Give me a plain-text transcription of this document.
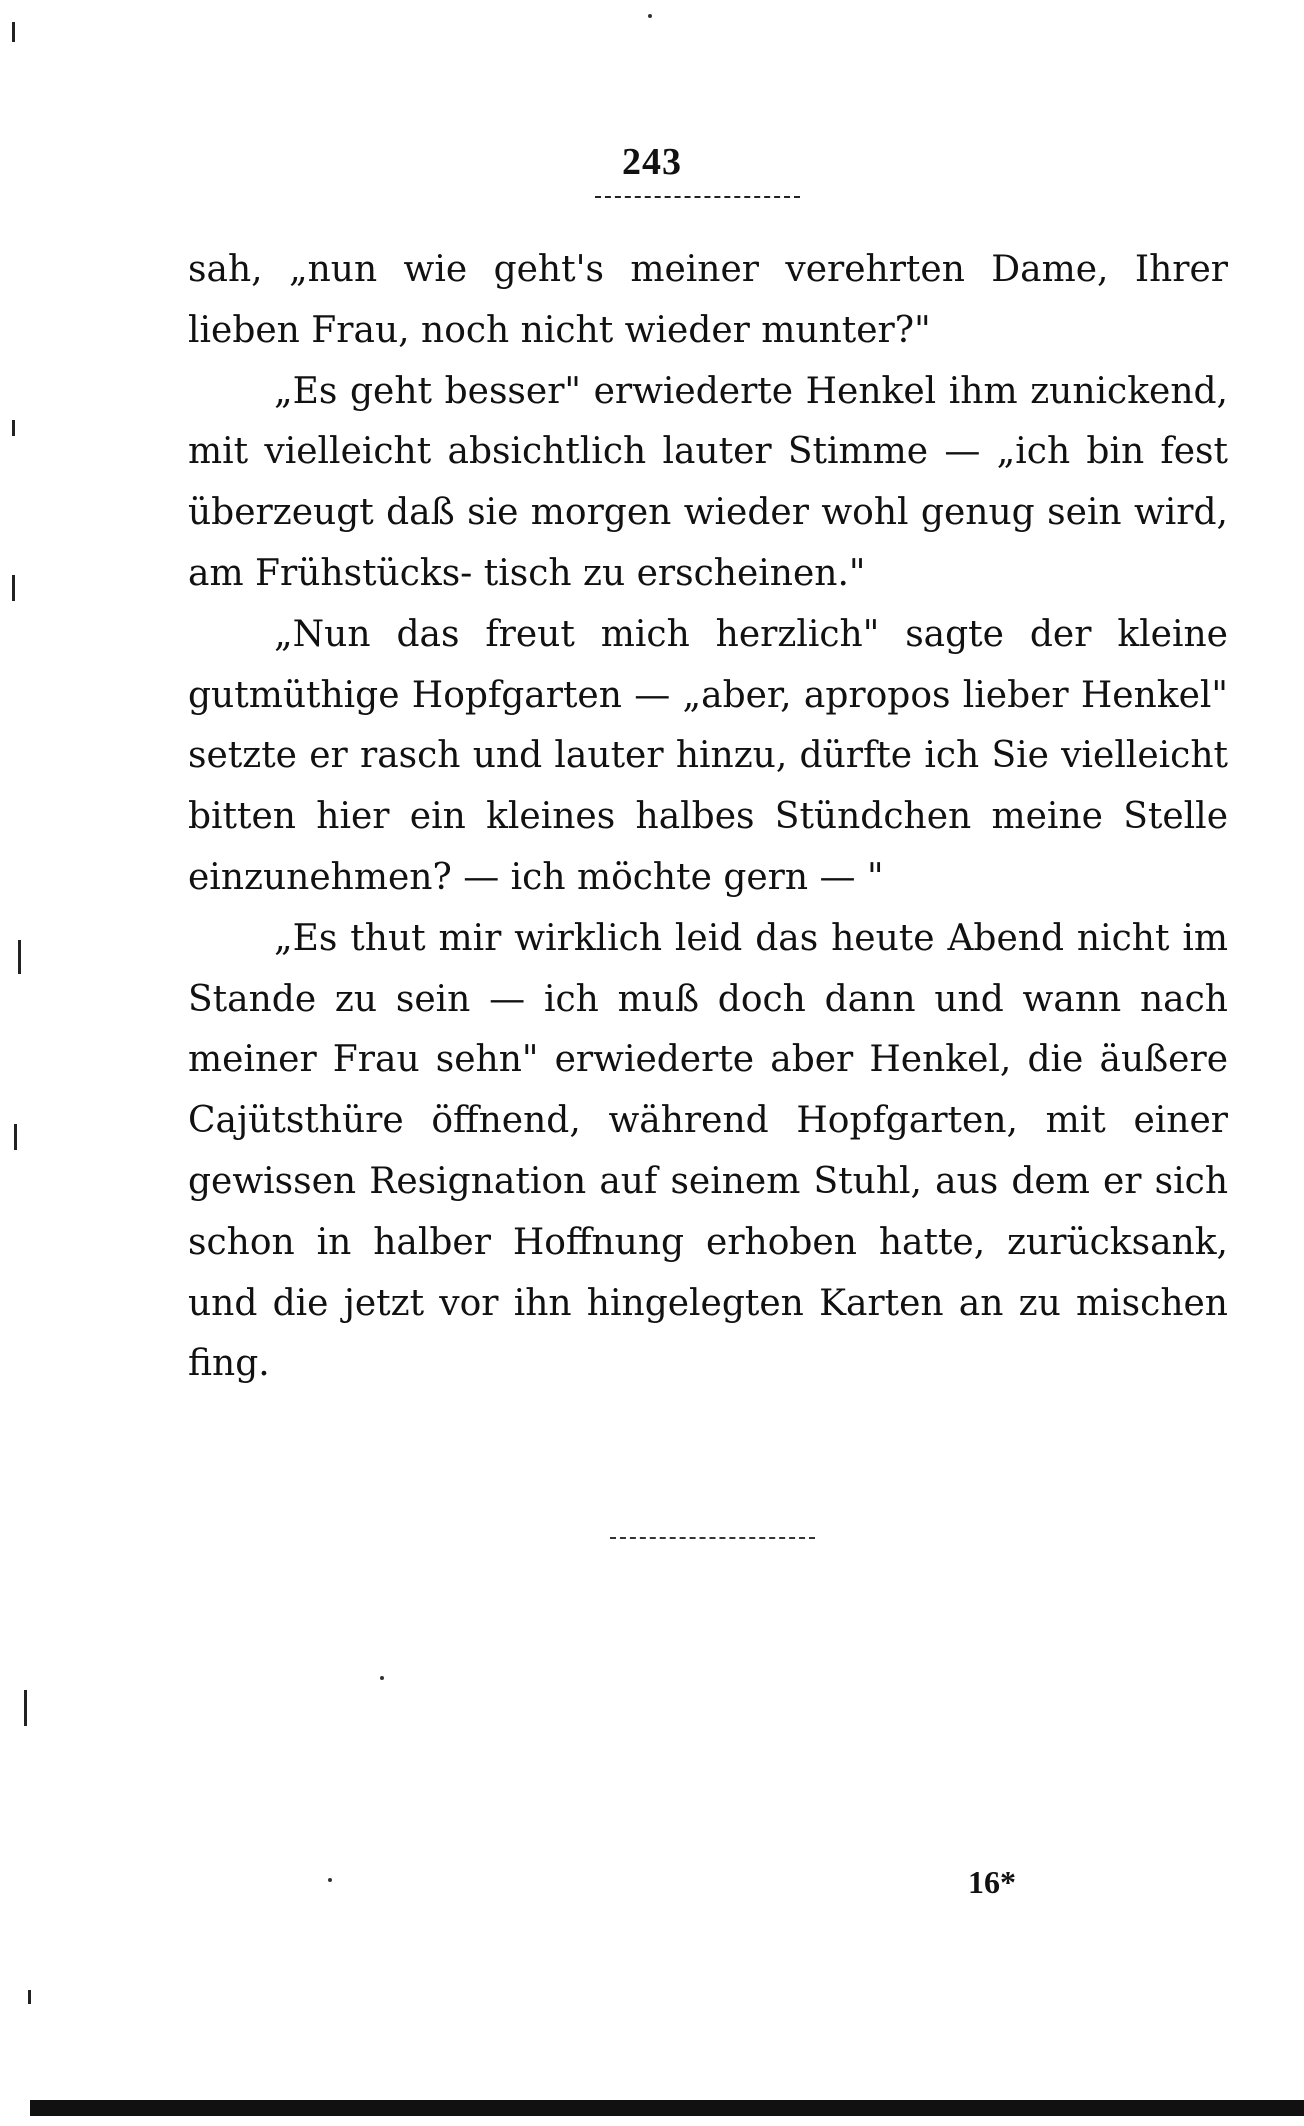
243

sah, „nun wie geht's meiner verehrten Dame, Ihrer lieben Frau, noch nicht wieder munter?"

„Es geht besser" erwiederte Henkel ihm zunickend, mit vielleicht absichtlich lauter Stimme — „ich bin fest überzeugt daß sie morgen wieder wohl genug sein wird, am Frühstücks- tisch zu erscheinen."

„Nun das freut mich herzlich" sagte der kleine gutmüthige Hopfgarten — „aber, apropos lieber Henkel" setzte er rasch und lauter hinzu, dürfte ich Sie vielleicht bitten hier ein kleines halbes Stündchen meine Stelle einzunehmen? — ich möchte gern — "

„Es thut mir wirklich leid das heute Abend nicht im Stande zu sein — ich muß doch dann und wann nach meiner Frau sehn" erwiederte aber Henkel, die äußere Cajütsthüre öffnend, während Hopfgarten, mit einer gewissen Resignation auf seinem Stuhl, aus dem er sich schon in halber Hoffnung erhoben hatte, zurücksank, und die jetzt vor ihn hingelegten Karten an zu mischen fing.

16*
